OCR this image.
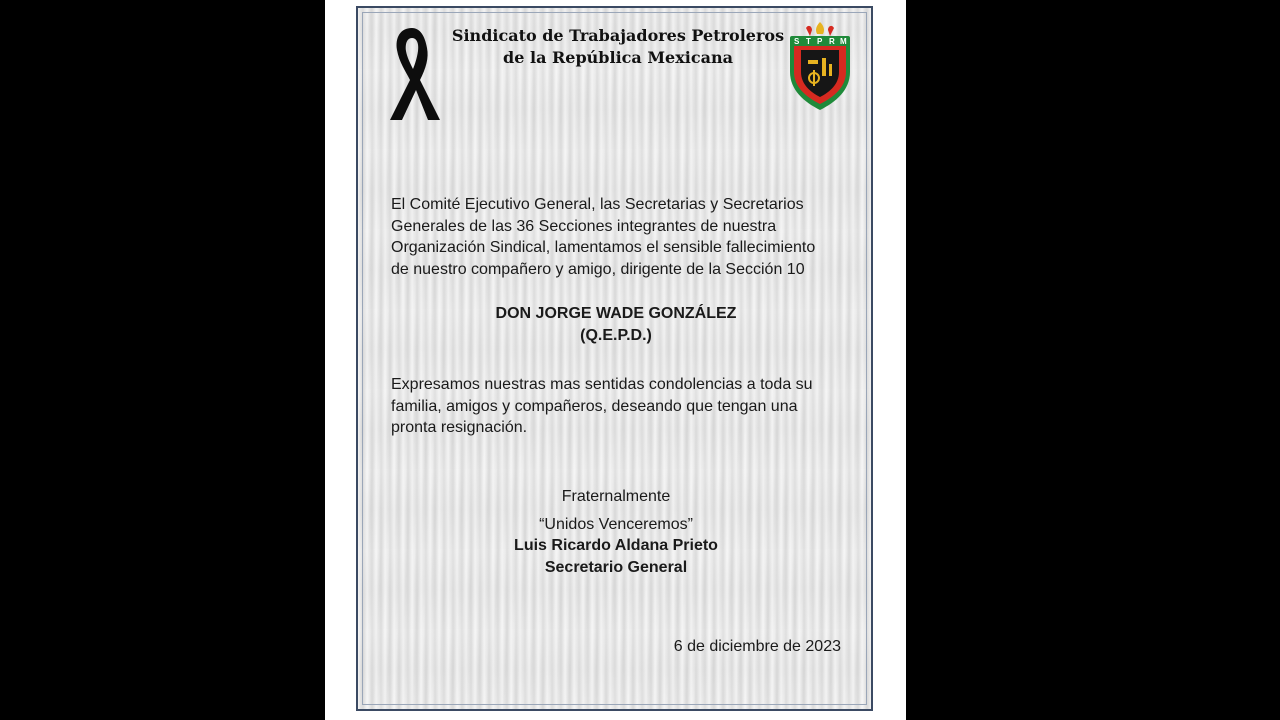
Sindicato de Trabajadores Petroleros
de la República Mexicana
S T P R M
El Comité Ejecutivo General, las Secretarias y Secretarios
Generales de las 36 Secciones integrantes de nuestra
Organización Sindical, lamentamos el sensible fallecimiento
de nuestro compañero y amigo, dirigente de la Sección 10
DON JORGE WADE GONZÁLEZ
(Q.E.P.D.)
Expresamos nuestras mas sentidas condolencias a toda su
familia, amigos y compañeros, deseando que tengan una
pronta resignación.
Fraternalmente
“Unidos Venceremos”
Luis Ricardo Aldana Prieto
Secretario General
6 de diciembre de 2023
